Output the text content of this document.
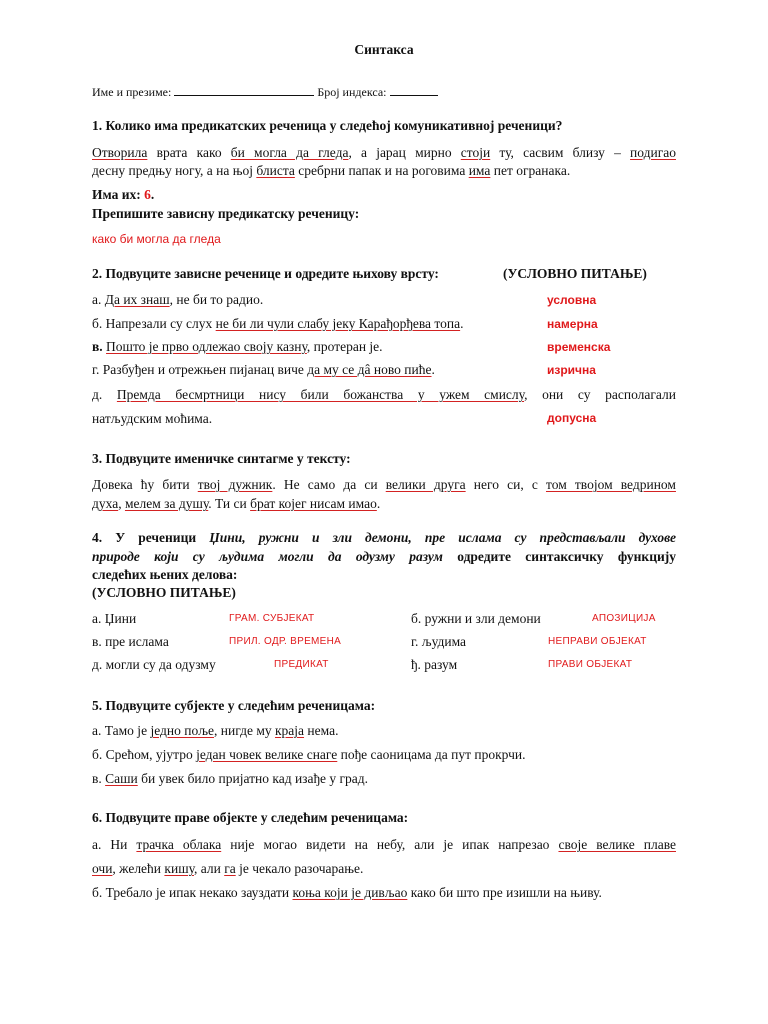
Синтакса
Име и презиме:	Број индекса:
1. Колико има предикатских реченица у следећој комуникативној реченици?
Отворила врата како би могла да гледа, а јарац мирно стоји ту, сасвим близу – подигао
десну предњу ногу, а на њој блиста сребрни папак и на роговима има пет огранака.
Има их: 6.
Препишите зависну предикатску реченицу:
како би могла да гледа
2. Подвуците зависне реченице и одредите њихову врсту:	(УСЛОВНО ПИТАЊЕ)
а. Да их знаш, не би то радио.	условна
б. Напрезали су слух не би ли чули слабу јеку Карађорђева топа.	намерна
в. Пошто је прво одлежао своју казну, протеран је.	временска
г. Разбуђен и отрежњен пијанац виче да му се дâ ново пиће.	изрична
д. Премда бесмртници нису били божанства у ужем смислу, они су располагали
натљудским моћима.	допусна
3. Подвуците именичке синтагме у тексту:
Довека ћу бити твој дужник. Не само да си велики друга него си, с том твојом ведрином
духа, мелем за душу. Ти си брат којег нисам имао.
4. У реченици Џини, ружни и зли демони, пре ислама су представљали духове
природе који су људима могли да одузму разум одредите синтаксичку функцију
следећих њених делова:
(УСЛОВНО ПИТАЊЕ)
а. Џини	ГРАМ. СУБЈЕКАТ	б. ружни и зли демони	АПОЗИЦИЈА
в. пре ислама	ПРИЛ. ОДР. ВРЕМЕНА	г. људима	НЕПРАВИ ОБЈЕКАТ
д. могли су да одузму	ПРЕДИКАТ	ђ. разум	ПРАВИ ОБЈЕКАТ
5. Подвуците субјекте у следећим реченицама:
а. Тамо је једно поље, нигде му краја нема.
б. Срећом, ујутро један човек велике снаге пође саоницама да пут прокрчи.
в. Саши би увек било пријатно кад изађе у град.
6. Подвуците праве објекте у следећим реченицама:
а. Ни трачка облака није могао видети на небу, али је ипак напрезао своје велике плаве
очи, желећи кишу, али га је чекало разочарање.
б. Требало је ипак некако зауздати коња који је дивљао како би што пре изишли на њиву.
